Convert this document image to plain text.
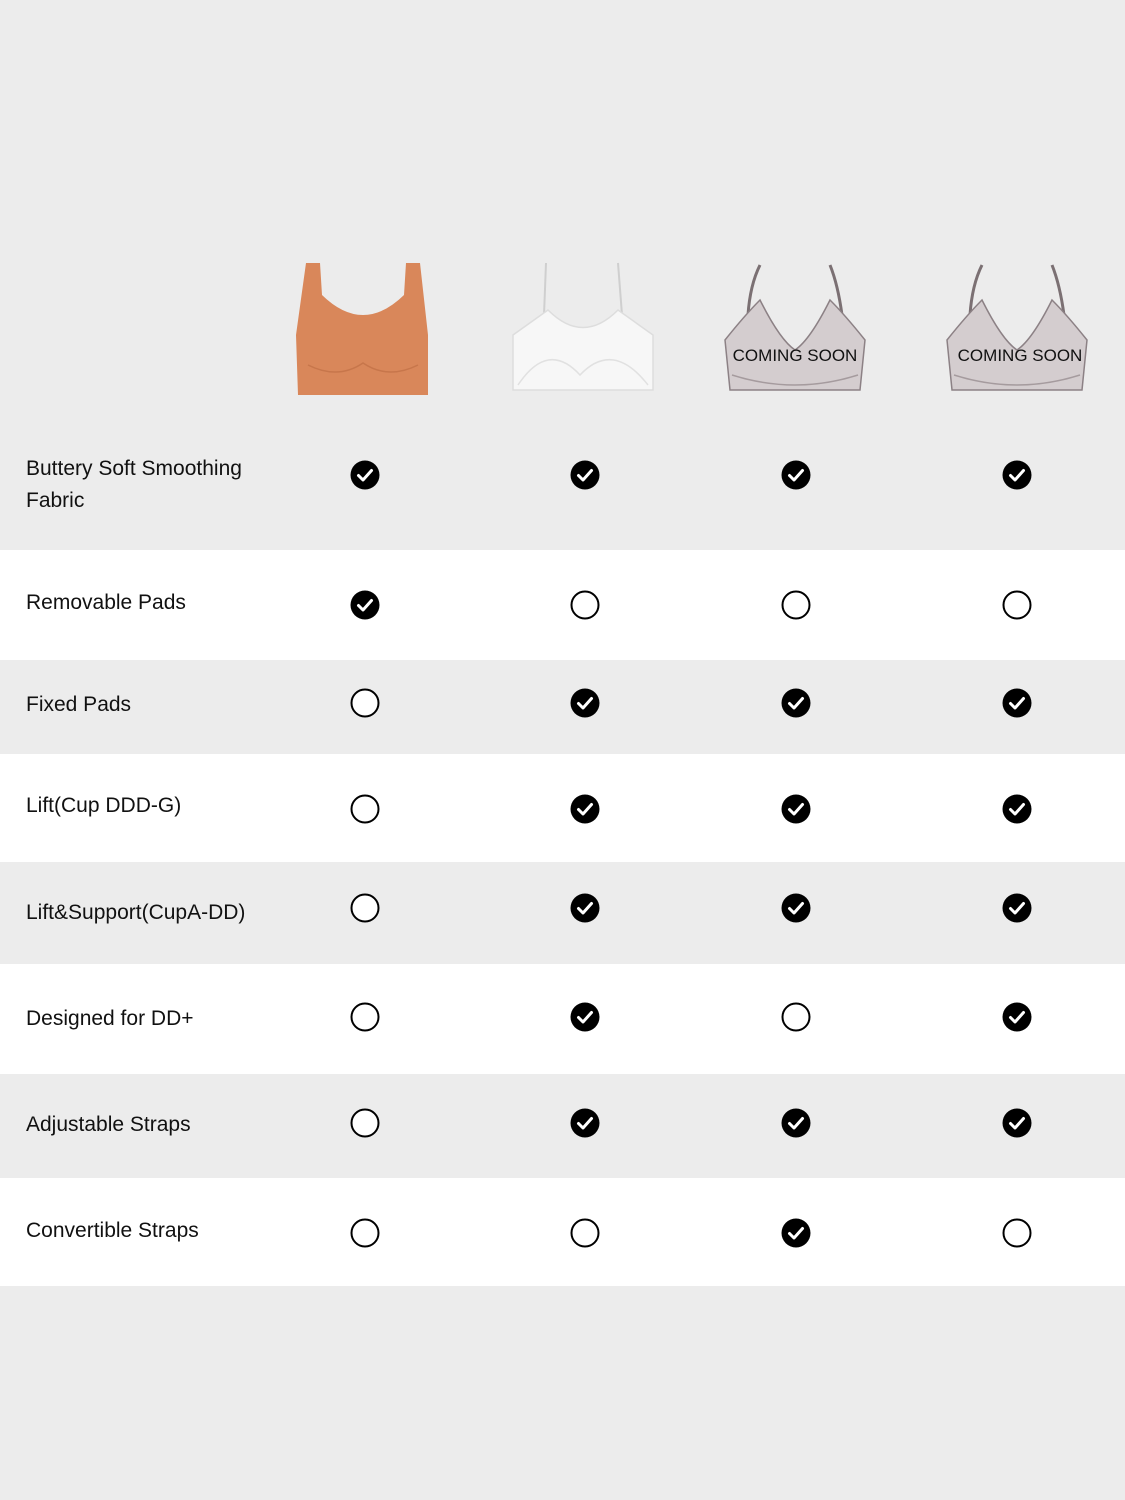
COMING SOON	COMING SOON
Buttery Soft Smoothing Fabric
Removable Pads
Fixed Pads
Lift(Cup DDD-G)
Lift&Support(CupA-DD)
Designed for DD+
Adjustable Straps
Convertible Straps
